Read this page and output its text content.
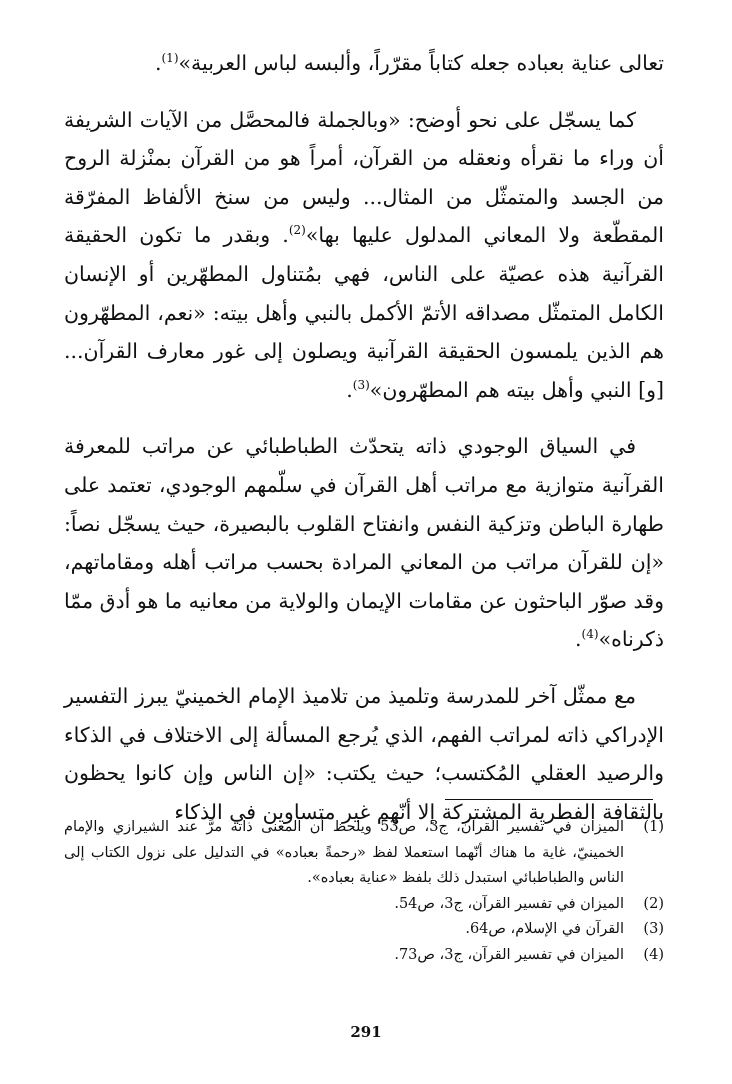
تعالى عناية بعباده جعله كتاباً مقرّراً، وألبسه لباس العربية»$^{(1)}$.

كما يسجّل على نحو أوضح: «وبالجملة فالمحصَّل من الآيات الشريفة أن وراء ما نقرأه ونعقله من القرآن، أمراً هو من القرآن بمنْزلة الروح من الجسد والمتمثّل من المثال... وليس من سنخ الألفاظ المفرّقة المقطّعة ولا المعاني المدلول عليها بها»$^{(2)}$. وبقدر ما تكون الحقيقة القرآنية هذه عصيّة على الناس، فهي بمُتناول المطهّرين أو الإنسان الكامل المتمثّل مصداقه الأتمّ الأكمل بالنبي وأهل بيته: «نعم، المطهّرون هم الذين يلمسون الحقيقة القرآنية ويصلون إلى غور معارف القرآن... [و] النبي وأهل بيته هم المطهّرون»$^{(3)}$.

في السياق الوجودي ذاته يتحدّث الطباطبائي عن مراتب للمعرفة القرآنية متوازية مع مراتب أهل القرآن في سلّمهم الوجودي، تعتمد على طهارة الباطن وتزكية النفس وانفتاح القلوب بالبصيرة، حيث يسجّل نصاً: «إن للقرآن مراتب من المعاني المرادة بحسب مراتب أهله ومقاماتهم، وقد صوّر الباحثون عن مقامات الإيمان والولاية من معانيه ما هو أدق ممّا ذكرناه»$^{(4)}$.

مع ممثّل آخر للمدرسة وتلميذ من تلاميذ الإمام الخمينيّ يبرز التفسير الإدراكي ذاته لمراتب الفهم، الذي يُرجع المسألة إلى الاختلاف في الذكاء والرصيد العقلي المُكتسب؛ حيث يكتب: «إن الناس وإن كانوا يحظون بالثقافة الفطرية المشتركة إلا أنّهم غير متساوين في الذكاء

(1)
الميزان في تفسير القرآن، ج3، ص53 ويلحظ أن المعنى ذاته مرَّ عند الشيرازي والإمام الخمينيّ، غاية ما هناك أنّهما استعملا لفظ «رحمةً بعباده» في التدليل على نزول الكتاب إلى الناس والطباطبائي استبدل ذلك بلفظ «عناية بعباده».
(2)
الميزان في تفسير القرآن، ج3، ص54.
(3)
القرآن في الإسلام، ص64.
(4)
الميزان في تفسير القرآن، ج3، ص73.
291
